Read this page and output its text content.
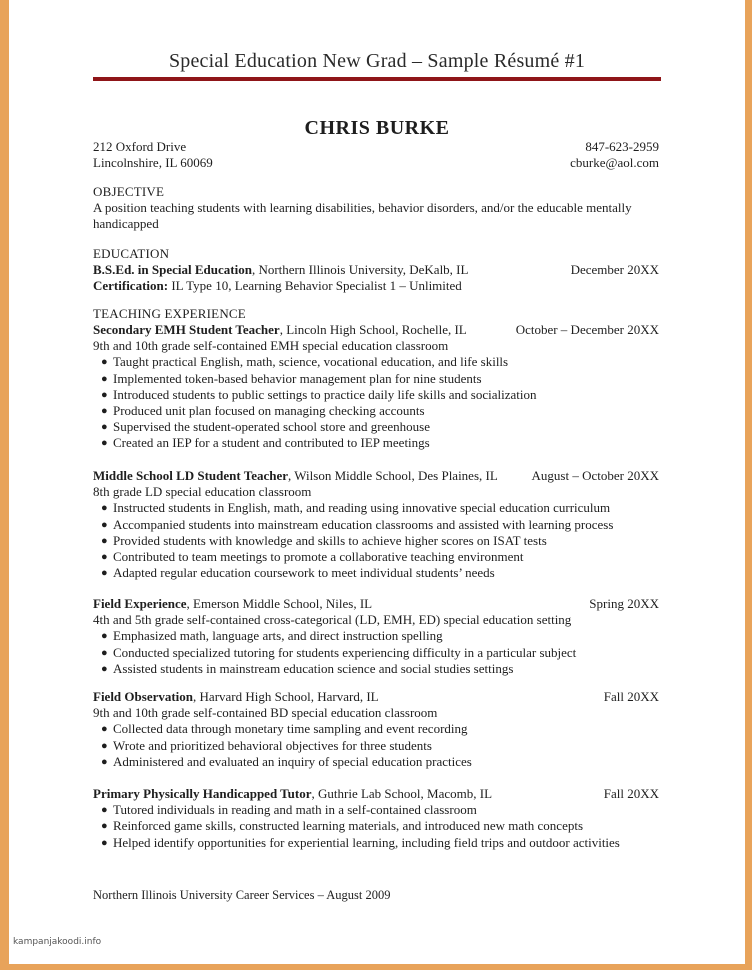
Special Education New Grad – Sample Résumé #1
CHRIS BURKE
212 Oxford Drive	847-623-2959
Lincolnshire, IL 60069	cburke@aol.com
OBJECTIVE
A position teaching students with learning disabilities, behavior disorders, and/or the educable mentally handicapped
EDUCATION
B.S.Ed. in Special Education, Northern Illinois University, DeKalb, IL	December 20XX
Certification: IL Type 10, Learning Behavior Specialist 1 – Unlimited
TEACHING EXPERIENCE
Secondary EMH Student Teacher, Lincoln High School, Rochelle, IL	October – December 20XX
9th and 10th grade self-contained EMH special education classroom
● Taught practical English, math, science, vocational education, and life skills
● Implemented token-based behavior management plan for nine students
● Introduced students to public settings to practice daily life skills and socialization
● Produced unit plan focused on managing checking accounts
● Supervised the student-operated school store and greenhouse
● Created an IEP for a student and contributed to IEP meetings
Middle School LD Student Teacher, Wilson Middle School, Des Plaines, IL	August – October 20XX
8th grade LD special education classroom
● Instructed students in English, math, and reading using innovative special education curriculum
● Accompanied students into mainstream education classrooms and assisted with learning process
● Provided students with knowledge and skills to achieve higher scores on ISAT tests
● Contributed to team meetings to promote a collaborative teaching environment
● Adapted regular education coursework to meet individual students’ needs
Field Experience, Emerson Middle School, Niles, IL	Spring 20XX
4th and 5th grade self-contained cross-categorical (LD, EMH, ED) special education setting
● Emphasized math, language arts, and direct instruction spelling
● Conducted specialized tutoring for students experiencing difficulty in a particular subject
● Assisted students in mainstream education science and social studies settings
Field Observation, Harvard High School, Harvard, IL	Fall 20XX
9th and 10th grade self-contained BD special education classroom
● Collected data through monetary time sampling and event recording
● Wrote and prioritized behavioral objectives for three students
● Administered and evaluated an inquiry of special education practices
Primary Physically Handicapped Tutor, Guthrie Lab School, Macomb, IL	Fall 20XX
● Tutored individuals in reading and math in a self-contained classroom
● Reinforced game skills, constructed learning materials, and introduced new math concepts
● Helped identify opportunities for experiential learning, including field trips and outdoor activities
Northern Illinois University Career Services – August 2009
kampanjakoodi.info
